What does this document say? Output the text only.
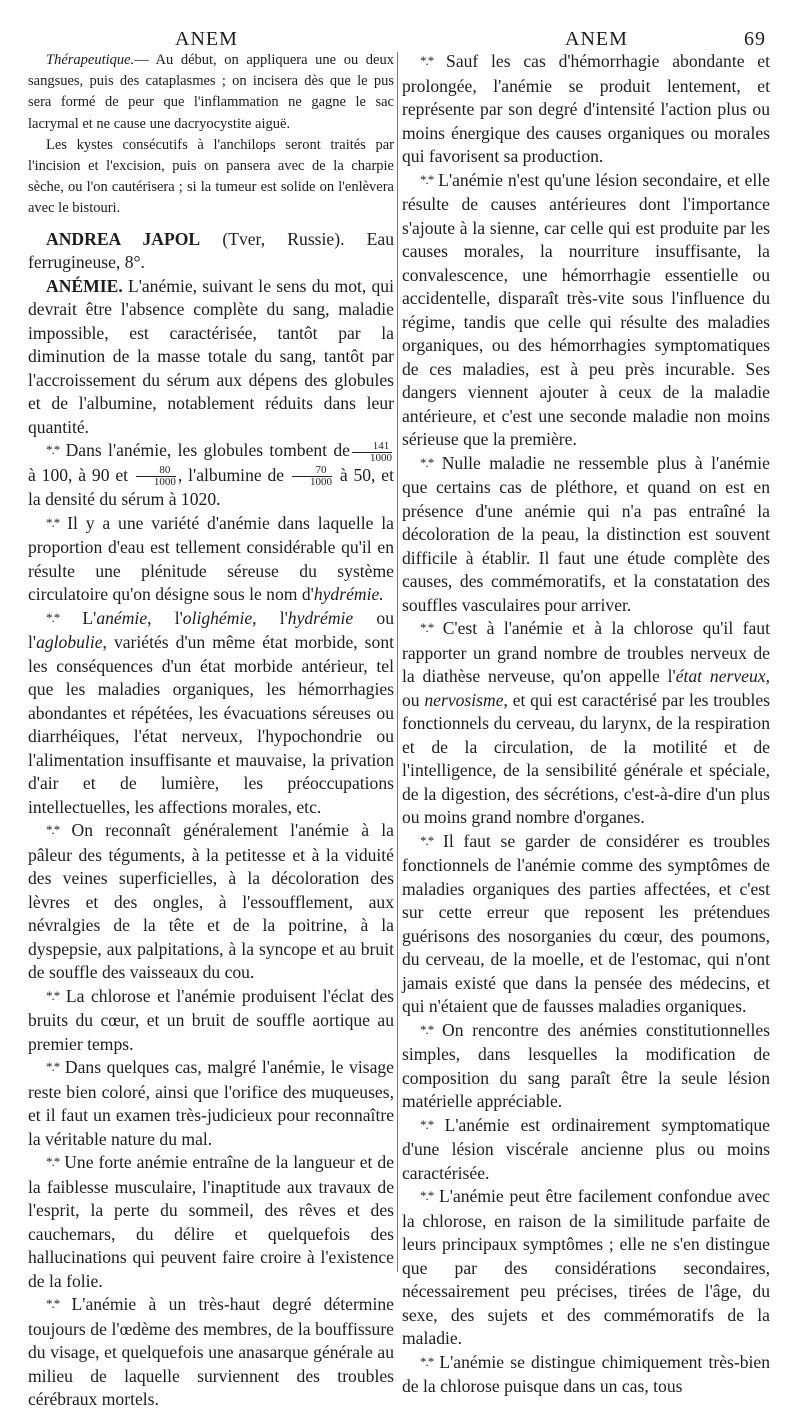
ANEM	ANEM	69

Thérapeutique.— Au début, on appliquera une ou deux sangsues, puis des cataplasmes ; on incisera dès que le pus sera formé de peur que l'inflammation ne gagne le sac lacrymal et ne cause une dacryocystite aiguë.

Les kystes consécutifs à l'anchilops seront traités par l'incision et l'excision, puis on pansera avec de la charpie sèche, ou l'on cautérisera ; si la tumeur est solide on l'enlèvera avec le bistouri.

ANDREA JAPOL (Tver, Russie). Eau ferrugineuse, 8°.

ANÉMIE. L'anémie, suivant le sens du mot, qui devrait être l'absence complète du sang, maladie impossible, est caractérisée, tantôt par la diminution de la masse totale du sang, tantôt par l'accroissement du sérum aux dépens des globules et de l'albumine, notablement réduits dans leur quantité.

*.* Dans l'anémie, les globules tombent de $\frac{141}{1000}$
à 100, à 90 et $\frac{80}{1000}$ , l'albumine de $\frac{70}{1000}$ à 50, et la densité du sérum à 1020.

*.* Il y a une variété d'anémie dans laquelle la proportion d'eau est tellement considérable qu'il en résulte une plénitude séreuse du système circulatoire qu'on désigne sous le nom d'hydrémie.

*.* L'anémie, l'olighémie, l'hydrémie ou l'aglobulie, variétés d'un même état morbide, sont les conséquences d'un état morbide antérieur, tel que les maladies organiques, les hémorrhagies abondantes et répétées, les évacuations séreuses ou diarrhéiques, l'état nerveux, l'hypochondrie ou l'alimentation insuffisante et mauvaise, la privation d'air et de lumière, les préoccupations intellectuelles, les affections morales, etc.

*.* On reconnaît généralement l'anémie à la pâleur des téguments, à la petitesse et à la viduité des veines superficielles, à la décoloration des lèvres et des ongles, à l'essoufflement, aux névralgies de la tête et de la poitrine, à la dyspepsie, aux palpitations, à la syncope et au bruit de souffle des vaisseaux du cou.

*.* La chlorose et l'anémie produisent l'éclat des bruits du cœur, et un bruit de souffle aortique au premier temps.

*.* Dans quelques cas, malgré l'anémie, le visage reste bien coloré, ainsi que l'orifice des muqueuses, et il faut un examen très-judicieux pour reconnaître la véritable nature du mal.

*.* Une forte anémie entraîne de la langueur et de la faiblesse musculaire, l'inaptitude aux travaux de l'esprit, la perte du sommeil, des rêves et des cauchemars, du délire et quelquefois des hallucinations qui peuvent faire croire à l'existence de la folie.

*.* L'anémie à un très-haut degré détermine toujours de l'œdème des membres, de la bouffissure du visage, et quelquefois une anasarque générale au milieu de laquelle surviennent des troubles cérébraux mortels.

*.* Sauf les cas d'hémorrhagie abondante et prolongée, l'anémie se produit lentement, et représente par son degré d'intensité l'action plus ou moins énergique des causes organiques ou morales qui favorisent sa production.

*.* L'anémie n'est qu'une lésion secondaire, et elle résulte de causes antérieures dont l'importance s'ajoute à la sienne, car celle qui est produite par les causes morales, la nourriture insuffisante, la convalescence, une hémorrhagie essentielle ou accidentelle, disparaît très-vite sous l'influence du régime, tandis que celle qui résulte des maladies organiques, ou des hémorrhagies symptomatiques de ces maladies, est à peu près incurable. Ses dangers viennent ajouter à ceux de la maladie antérieure, et c'est une seconde maladie non moins sérieuse que la première.

*.* Nulle maladie ne ressemble plus à l'anémie que certains cas de pléthore, et quand on est en présence d'une anémie qui n'a pas entraîné la décoloration de la peau, la distinction est souvent difficile à établir. Il faut une étude complète des causes, des commémoratifs, et la constatation des souffles vasculaires pour arriver.

*.* C'est à l'anémie et à la chlorose qu'il faut rapporter un grand nombre de troubles nerveux de la diathèse nerveuse, qu'on appelle l'état nerveux, ou nervosisme, et qui est caractérisé par les troubles fonctionnels du cerveau, du larynx, de la respiration et de la circulation, de la motilité et de l'intelligence, de la sensibilité générale et spéciale, de la digestion, des sécrétions, c'est-à-dire d'un plus ou moins grand nombre d'organes.

*.* Il faut se garder de considérer es troubles fonctionnels de l'anémie comme des symptômes de maladies organiques des parties affectées, et c'est sur cette erreur que reposent les prétendues guérisons des nosorganies du cœur, des poumons, du cerveau, de la moelle, et de l'estomac, qui n'ont jamais existé que dans la pensée des médecins, et qui n'étaient que de fausses maladies organiques.

*.* On rencontre des anémies constitutionnelles simples, dans lesquelles la modification de composition du sang paraît être la seule lésion matérielle appréciable.

*.* L'anémie est ordinairement symptomatique d'une lésion viscérale ancienne plus ou moins caractérisée.

*.* L'anémie peut être facilement confondue avec la chlorose, en raison de la similitude parfaite de leurs principaux symptômes ; elle ne s'en distingue que par des considérations secondaires, nécessairement peu précises, tirées de l'âge, du sexe, des sujets et des commémoratifs de la maladie.

*.* L'anémie se distingue chimiquement très-bien de la chlorose puisque dans un cas, tous
